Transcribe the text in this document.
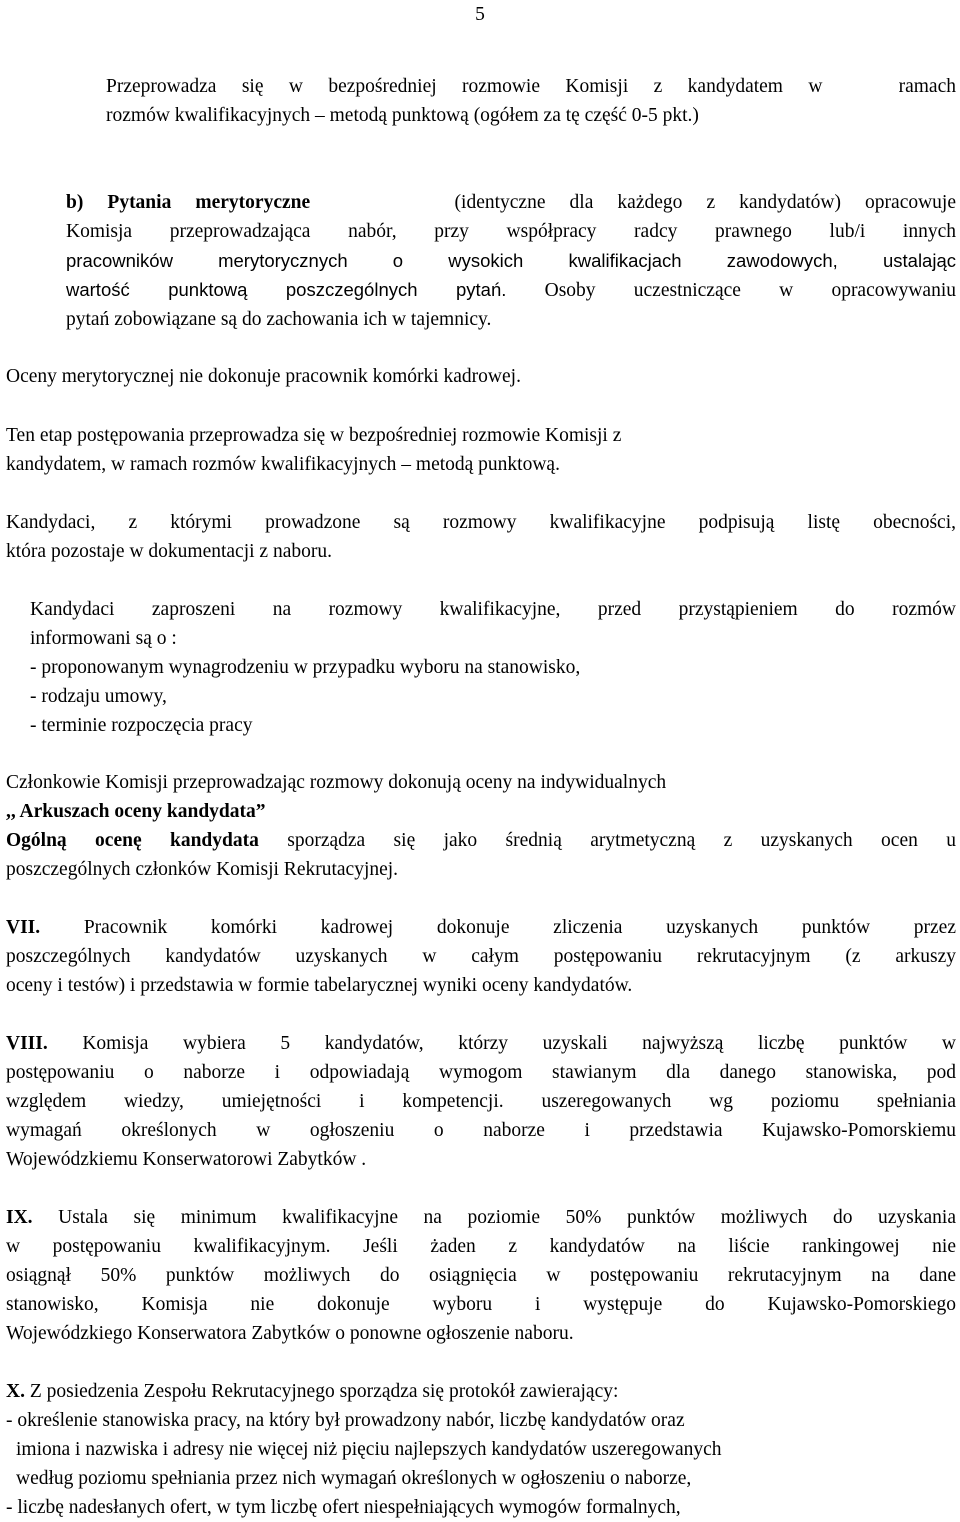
5
Przeprowadza się w bezpośredniej rozmowie Komisji z kandydatem w	ramach
rozmów kwalifikacyjnych – metodą punktową (ogółem za tę część 0-5 pkt.)
b) Pytania merytoryczne	(identyczne dla każdego z kandydatów) opracowuje
Komisja przeprowadzająca nabór, przy współpracy radcy prawnego lub/i innych
pracowników merytorycznych o wysokich kwalifikacjach zawodowych, ustalając
wartość punktową poszczególnych pytań. Osoby uczestniczące w opracowywaniu
pytań zobowiązane są do zachowania ich w tajemnicy.
Oceny merytorycznej nie dokonuje pracownik komórki kadrowej.
Ten etap postępowania przeprowadza się w bezpośredniej rozmowie Komisji z
kandydatem, w ramach rozmów kwalifikacyjnych – metodą punktową.
Kandydaci, z którymi prowadzone są rozmowy kwalifikacyjne podpisują listę obecności,
która pozostaje w dokumentacji z naboru.
Kandydaci zaproszeni na rozmowy kwalifikacyjne, przed przystąpieniem do rozmów
informowani są o :
- proponowanym wynagrodzeniu w przypadku wyboru na stanowisko,
- rodzaju umowy,
- terminie rozpoczęcia pracy
Członkowie Komisji przeprowadzając rozmowy dokonują oceny na indywidualnych
,, Arkuszach oceny kandydata”
Ogólną ocenę kandydata sporządza się jako średnią arytmetyczną z uzyskanych ocen u
poszczególnych członków Komisji Rekrutacyjnej.
VII. Pracownik komórki kadrowej dokonuje zliczenia uzyskanych punktów przez
poszczególnych kandydatów uzyskanych w całym postępowaniu rekrutacyjnym (z arkuszy
oceny i testów) i przedstawia w formie tabelarycznej wyniki oceny kandydatów.
VIII. Komisja wybiera 5 kandydatów, którzy uzyskali najwyższą liczbę punktów w
postępowaniu o naborze i odpowiadają wymogom stawianym dla danego stanowiska, pod
względem wiedzy, umiejętności i kompetencji. uszeregowanych wg poziomu spełniania
wymagań określonych w ogłoszeniu o naborze i przedstawia Kujawsko-Pomorskiemu
Wojewódzkiemu Konserwatorowi Zabytków .
IX. Ustala się minimum kwalifikacyjne na poziomie 50% punktów możliwych do uzyskania
w postępowaniu kwalifikacyjnym. Jeśli żaden z kandydatów na liście rankingowej nie
osiągnął 50% punktów możliwych do osiągnięcia w postępowaniu rekrutacyjnym na dane
stanowisko, Komisja nie dokonuje wyboru i występuje do Kujawsko-Pomorskiego
Wojewódzkiego Konserwatora Zabytków o ponowne ogłoszenie naboru.
X. Z posiedzenia Zespołu Rekrutacyjnego sporządza się protokół zawierający:
- określenie stanowiska pracy, na który był prowadzony nabór, liczbę kandydatów oraz
imiona i nazwiska i adresy nie więcej niż pięciu najlepszych kandydatów uszeregowanych
według poziomu spełniania przez nich wymagań określonych w ogłoszeniu o naborze,
- liczbę nadesłanych ofert, w tym liczbę ofert niespełniających wymogów formalnych,
